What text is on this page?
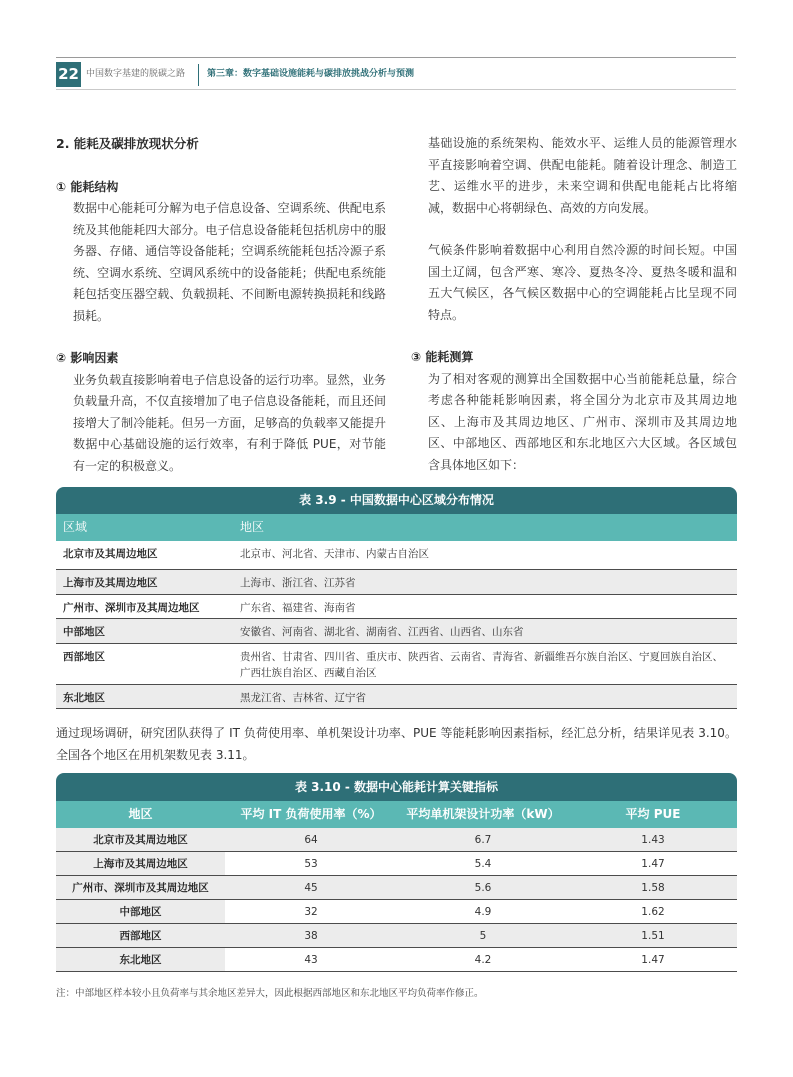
22 中国数字基建的脱碳之路 第三章：数字基础设施能耗与碳排放挑战分析与预测
2. 能耗及碳排放现状分析
① 能耗结构
数据中心能耗可分解为电子信息设备、空调系统、供配电系统及其他能耗四大部分。电子信息设备能耗包括机房中的服务器、存储、通信等设备能耗；空调系统能耗包括冷源子系统、空调水系统、空调风系统中的设备能耗；供配电系统能耗包括变压器空载、负载损耗、不间断电源转换损耗和线路损耗。
② 影响因素
业务负载直接影响着电子信息设备的运行功率。显然，业务负载量升高，不仅直接增加了电子信息设备能耗，而且还间接增大了制冷能耗。但另一方面，足够高的负载率又能提升数据中心基础设施的运行效率，有利于降低 PUE，对节能有一定的积极意义。
基础设施的系统架构、能效水平、运维人员的能源管理水平直接影响着空调、供配电能耗。随着设计理念、制造工艺、运维水平的进步，未来空调和供配电能耗占比将缩减，数据中心将朝绿色、高效的方向发展。
气候条件影响着数据中心利用自然冷源的时间长短。中国国土辽阔，包含严寒、寒冷、夏热冬冷、夏热冬暖和温和五大气候区，各气候区数据中心的空调能耗占比呈现不同特点。
③ 能耗测算
为了相对客观的测算出全国数据中心当前能耗总量，综合考虑各种能耗影响因素，将全国分为北京市及其周边地区、上海市及其周边地区、广州市、深圳市及其周边地区、中部地区、西部地区和东北地区六大区域。各区域包含具体地区如下：
表 3.9 - 中国数据中心区域分布情况
区域	地区
北京市及其周边地区	北京市、河北省、天津市、内蒙古自治区
上海市及其周边地区	上海市、浙江省、江苏省
广州市、深圳市及其周边地区	广东省、福建省、海南省
中部地区	安徽省、河南省、湖北省、湖南省、江西省、山西省、山东省
西部地区	贵州省、甘肃省、四川省、重庆市、陕西省、云南省、青海省、新疆维吾尔族自治区、宁夏回族自治区、广西壮族自治区、西藏自治区
东北地区	黑龙江省、吉林省、辽宁省
通过现场调研，研究团队获得了 IT 负荷使用率、单机架设计功率、PUE 等能耗影响因素指标，经汇总分析，结果详见表 3.10。全国各个地区在用机架数见表 3.11。
表 3.10 - 数据中心能耗计算关键指标
地区	平均 IT 负荷使用率（%）	平均单机架设计功率（kW）	平均 PUE
北京市及其周边地区	64	6.7	1.43
上海市及其周边地区	53	5.4	1.47
广州市、深圳市及其周边地区	45	5.6	1.58
中部地区	32	4.9	1.62
西部地区	38	5	1.51
东北地区	43	4.2	1.47
注：中部地区样本较小且负荷率与其余地区差异大，因此根据西部地区和东北地区平均负荷率作修正。
